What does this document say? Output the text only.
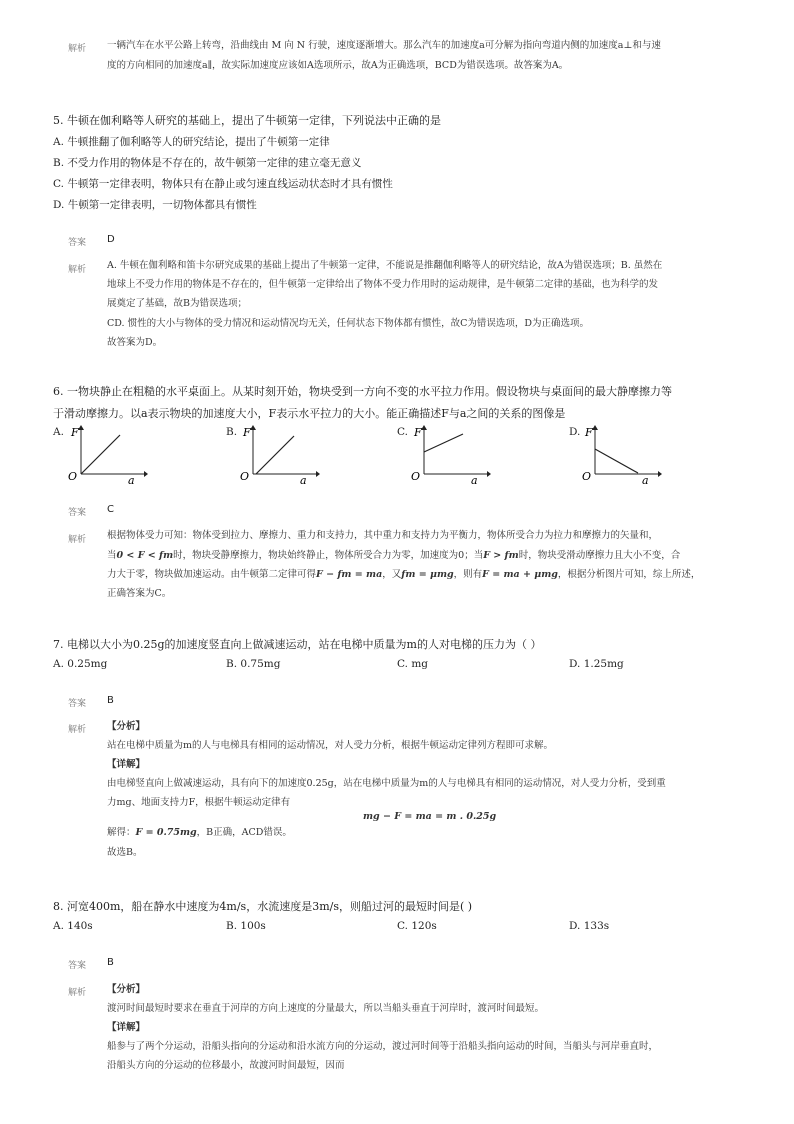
解析 一辆汽车在水平公路上转弯，沿曲线由 M 向 N 行驶，速度逐渐增大。那么汽车的加速度a可分解为指向弯道内侧的加速度a⊥和与速
度的方向相同的加速度a∥，故实际加速度应该如A选项所示，故A为正确选项，BCD为错误选项。故答案为A。
5. 牛顿在伽利略等人研究的基础上，提出了牛顿第一定律，下列说法中正确的是
A. 牛顿推翻了伽利略等人的研究结论，提出了牛顿第一定律
B. 不受力作用的物体是不存在的，故牛顿第一定律的建立毫无意义
C. 牛顿第一定律表明，物体只有在静止或匀速直线运动状态时才具有惯性
D. 牛顿第一定律表明，一切物体都具有惯性
答案 D
解析 A. 牛顿在伽利略和笛卡尔研究成果的基础上提出了牛顿第一定律，不能说是推翻伽利略等人的研究结论，故A为错误选项；B. 虽然在
地球上不受力作用的物体是不存在的，但牛顿第一定律给出了物体不受力作用时的运动规律，是牛顿第二定律的基础，也为科学的发
展奠定了基础，故B为错误选项；
CD. 惯性的大小与物体的受力情况和运动情况均无关，任何状态下物体都有惯性，故C为错误选项，D为正确选项。
故答案为D。
6. 一物块静止在粗糙的水平桌面上。从某时刻开始，物块受到一方向不变的水平拉力作用。假设物块与桌面间的最大静摩擦力等
于滑动摩擦力。以a表示物块的加速度大小，F表示水平拉力的大小。能正确描述F与a之间的关系的图像是
A. F
O	a
B. F
O	a
C. F
O	a
D. F
O	a
答案 C
解析 根据物体受力可知：物体受到拉力、摩擦力、重力和支持力，其中重力和支持力为平衡力，物体所受合力为拉力和摩擦力的矢量和，
当0 < F < fm时，物块受静摩擦力，物块始终静止，物体所受合力为零，加速度为0；当F > fm时，物块受滑动摩擦力且大小不变，合
力大于零，物块做加速运动。由牛顿第二定律可得F − fm = ma，又fm = μmg，则有F = ma + μmg，根据分析图片可知，综上所述，
正确答案为C。
7. 电梯以大小为0.25g的加速度竖直向上做减速运动，站在电梯中质量为m的人对电梯的压力为（ ）
A. 0.25mg	B. 0.75mg	C. mg	D. 1.25mg
答案 B
解析 【分析】
站在电梯中质量为m的人与电梯具有相同的运动情况，对人受力分析，根据牛顿运动定律列方程即可求解。
【详解】
由电梯竖直向上做减速运动，具有向下的加速度0.25g，站在电梯中质量为m的人与电梯具有相同的运动情况，对人受力分析，受到重
力mg、地面支持力F，根据牛顿运动定律有
mg − F = ma = m . 0.25g
解得：F = 0.75mg，B正确，ACD错误。
故选B。
8. 河宽400m，船在静水中速度为4m/s，水流速度是3m/s，则船过河的最短时间是( )
A. 140s	B. 100s	C. 120s	D. 133s
答案 B
解析 【分析】
渡河时间最短时要求在垂直于河岸的方向上速度的分量最大，所以当船头垂直于河岸时，渡河时间最短。
【详解】
船参与了两个分运动，沿船头指向的分运动和沿水流方向的分运动，渡过河时间等于沿船头指向运动的时间，当船头与河岸垂直时，
沿船头方向的分运动的位移最小，故渡河时间最短，因而
